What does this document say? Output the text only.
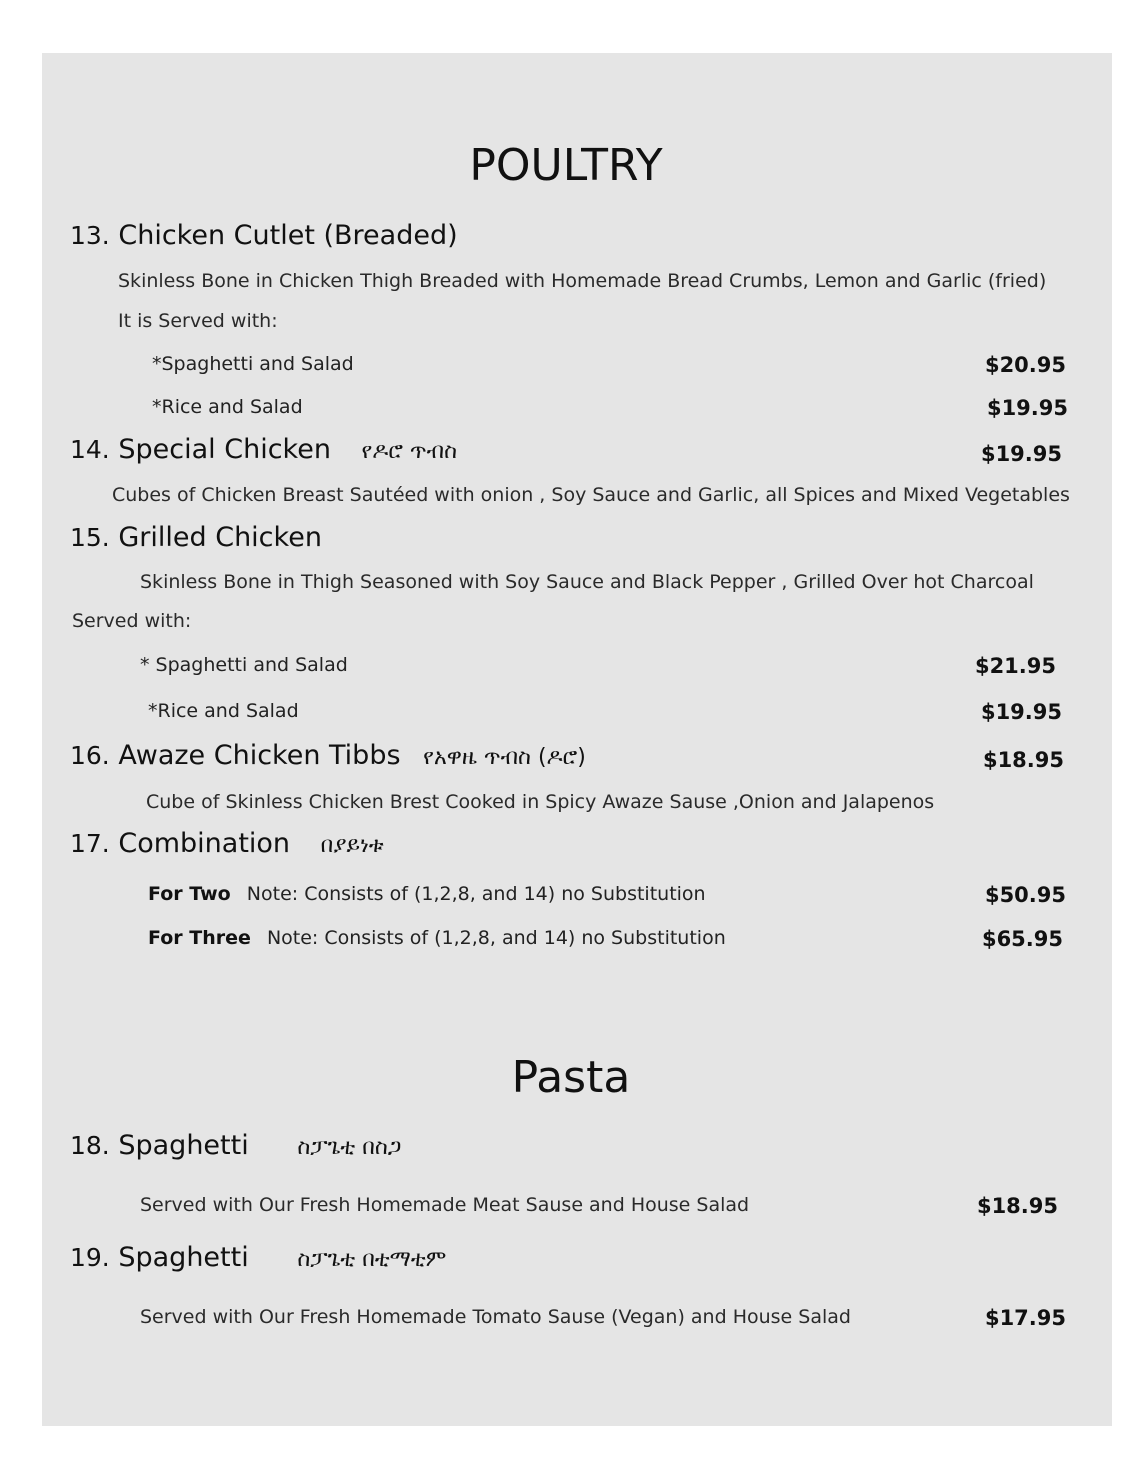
POULTRY
13. Chicken Cutlet (Breaded)
Skinless Bone in Chicken Thigh Breaded with Homemade Bread Crumbs, Lemon and Garlic (fried)
It is Served with:
*Spaghetti and Salad	$20.95
*Rice and Salad	$19.95
14. Special Chicken የዶሮ ጥብስ	$19.95
Cubes of Chicken Breast Sautéed with onion , Soy Sauce and Garlic, all Spices and Mixed Vegetables
15. Grilled Chicken
Skinless Bone in Thigh Seasoned with Soy Sauce and Black Pepper , Grilled Over hot Charcoal
Served with:
* Spaghetti and Salad	$21.95
*Rice and Salad	$19.95
16. Awaze Chicken Tibbs የአዋዜ ጥብስ (ዶሮ)	$18.95
Cube of Skinless Chicken Brest Cooked in Spicy Awaze Sause ,Onion and Jalapenos
17. Combination በያይነቱ
For Two Note: Consists of (1,2,8, and 14) no Substitution	$50.95
For Three Note: Consists of (1,2,8, and 14) no Substitution	$65.95
Pasta
18. Spaghetti ስፓጌቲ በስጋ
Served with Our Fresh Homemade Meat Sause and House Salad	$18.95
19. Spaghetti ስፓጌቲ በቲማቲም
Served with Our Fresh Homemade Tomato Sause (Vegan) and House Salad	$17.95
